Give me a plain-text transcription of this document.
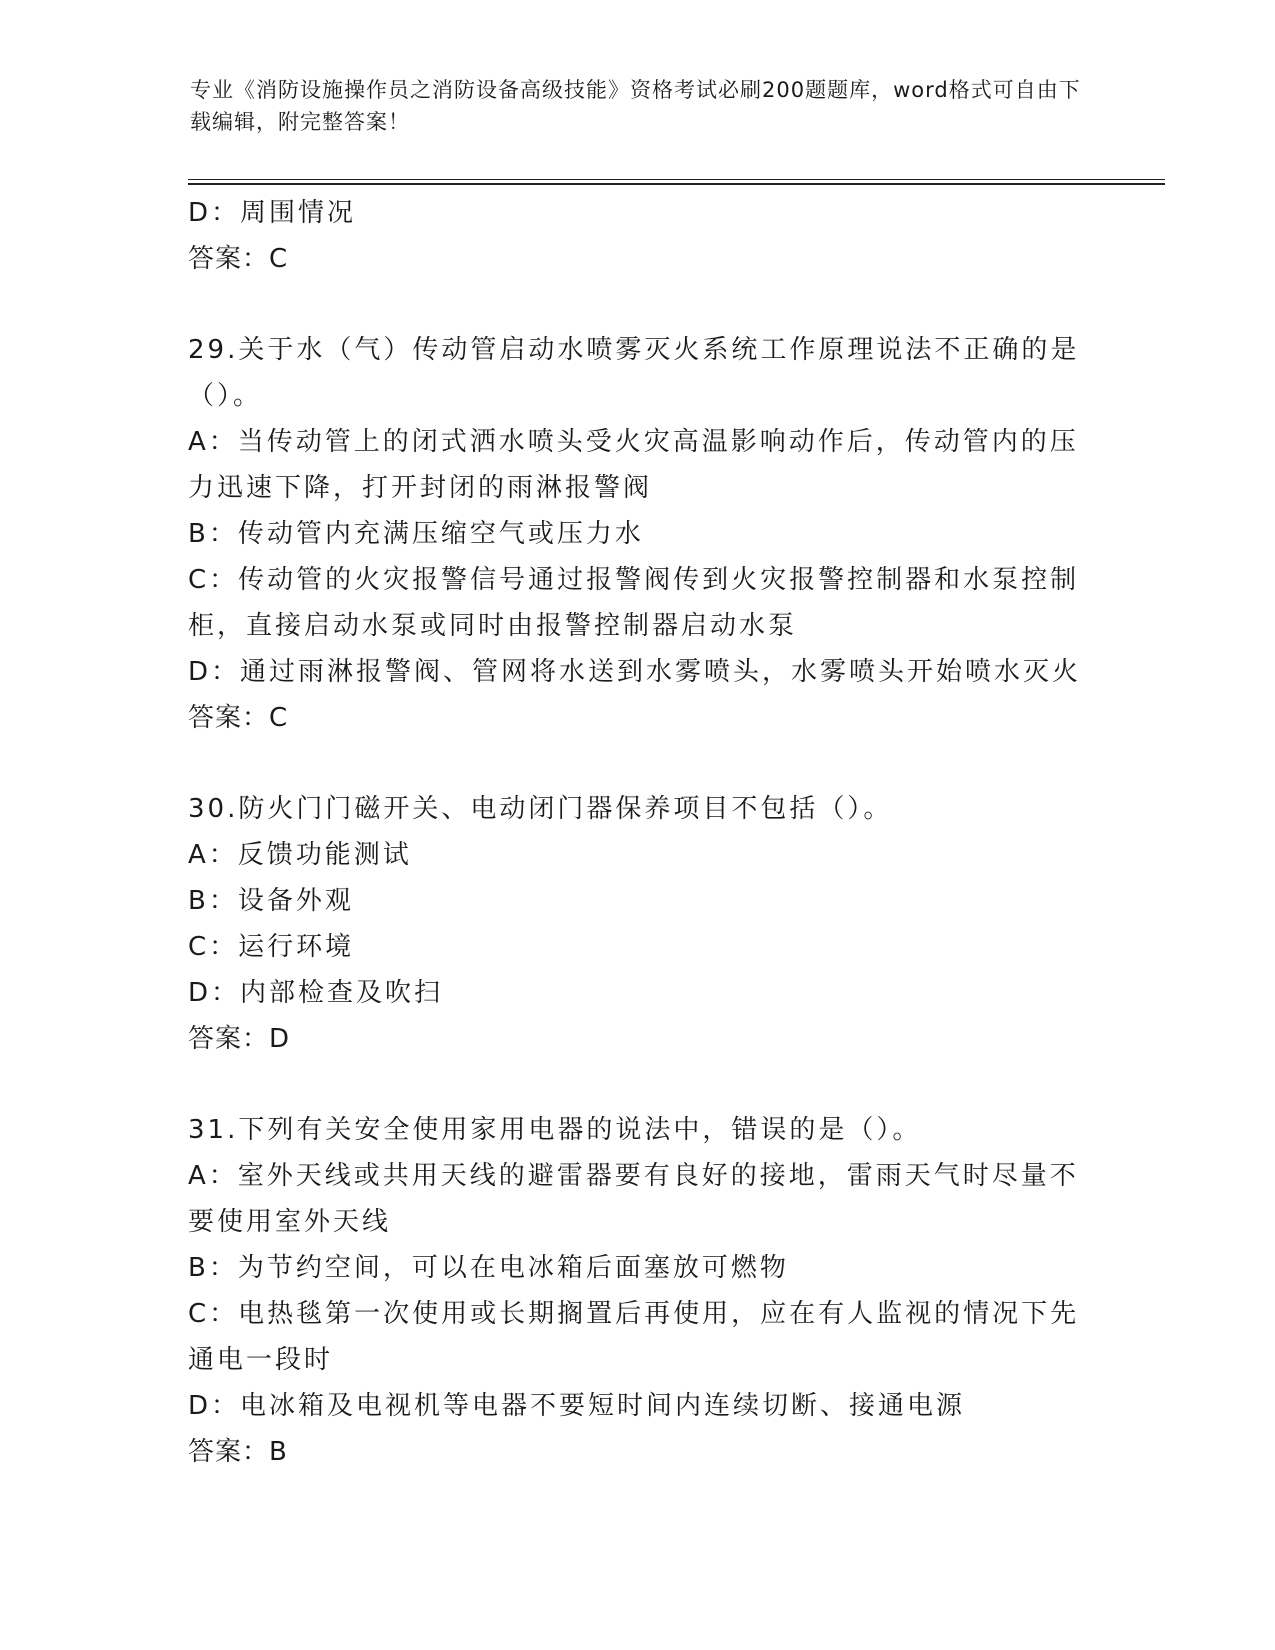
专业《消防设施操作员之消防设备高级技能》资格考试必刷200题题库，word格式可自由下载编辑，附完整答案！
D：周围情况
答案：C
29.关于水（气）传动管启动水喷雾灭火系统工作原理说法不正确的是（）。
A：当传动管上的闭式洒水喷头受火灾高温影响动作后，传动管内的压力迅速下降，打开封闭的雨淋报警阀
B：传动管内充满压缩空气或压力水
C：传动管的火灾报警信号通过报警阀传到火灾报警控制器和水泵控制柜，直接启动水泵或同时由报警控制器启动水泵
D：通过雨淋报警阀、管网将水送到水雾喷头，水雾喷头开始喷水灭火
答案：C
30.防火门门磁开关、电动闭门器保养项目不包括（）。
A：反馈功能测试
B：设备外观
C：运行环境
D：内部检查及吹扫
答案：D
31.下列有关安全使用家用电器的说法中，错误的是（）。
A：室外天线或共用天线的避雷器要有良好的接地，雷雨天气时尽量不要使用室外天线
B：为节约空间，可以在电冰箱后面塞放可燃物
C：电热毯第一次使用或长期搁置后再使用，应在有人监视的情况下先通电一段时
D：电冰箱及电视机等电器不要短时间内连续切断、接通电源
答案：B
